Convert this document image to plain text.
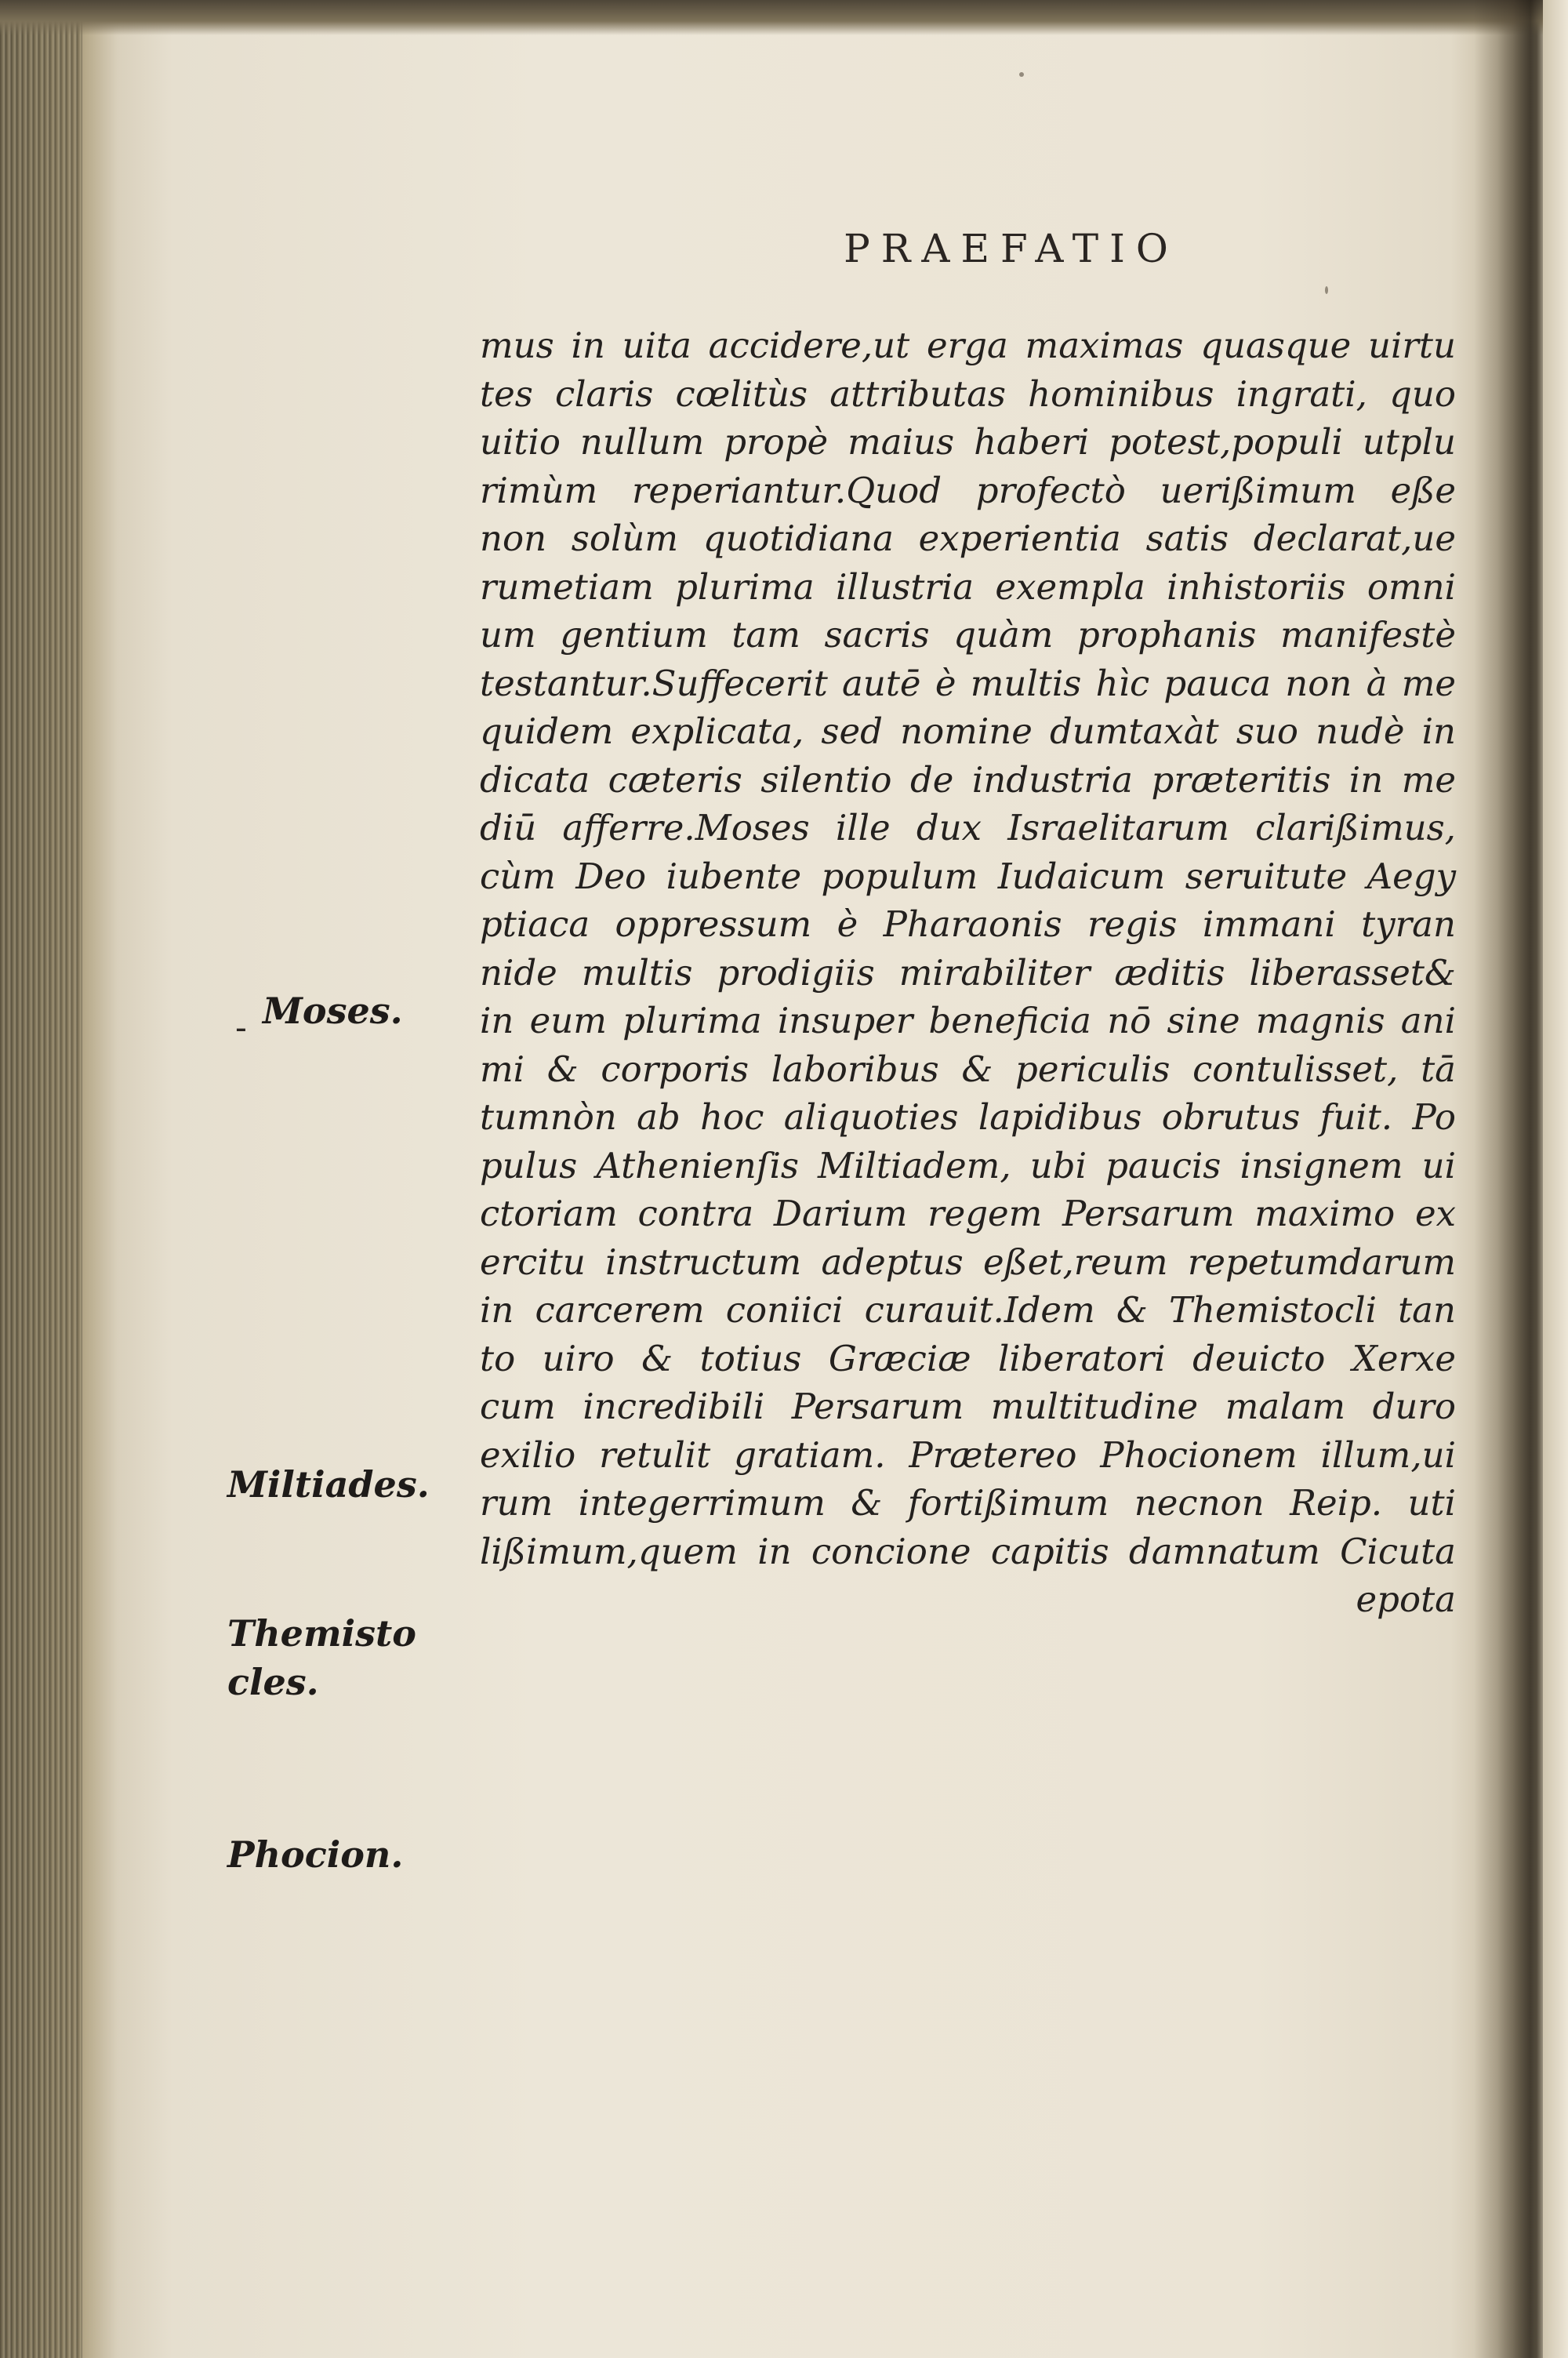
PRAEFATIO
mus in uita accidere,ut erga maximas quasque uirtu
tes claris cœlitùs attributas hominibus ingrati, quo
uitio nullum propè maius haberi potest,populi utplu
rimùm reperiantur.Quod profectò uerißimum eße
non solùm quotidiana experientia satis declarat,ue
rumetiam plurima illustria exempla inhistoriis omni
um gentium tam sacris quàm prophanis manifestè
testantur.Suffecerit autē è multis hìc pauca non à me
quidem explicata, sed nomine dumtaxàt suo nudè in
dicata cæteris silentio de industria præteritis in me
diū afferre.Moses ille dux Israelitarum clarißimus,
cùm Deo iubente populum Iudaicum seruitute Aegy
ptiaca oppressum è Pharaonis regis immani tyran
nide multis prodigiis mirabiliter æditis liberasset&
in eum plurima insuper beneficia nō sine magnis ani
mi & corporis laboribus & periculis contulisset, tā
tumnòn ab hoc aliquoties lapidibus obrutus fuit. Po
pulus Athenienſis Miltiadem, ubi paucis insignem ui
ctoriam contra Darium regem Persarum maximo ex
ercitu instructum adeptus eßet,reum repetumdarum
in carcerem coniici curauit.Idem & Themistocli tan
to uiro & totius Græciæ liberatori deuicto Xerxe
cum incredibili Persarum multitudine malam duro
exilio retulit gratiam. Prætereo Phocionem illum,ui
rum integerrimum & fortißimum necnon Reip. uti
lißimum,quem in concione capitis damnatum Cicuta
epota
- Moses.
Miltiades.
Themisto
cles.
Phocion.
